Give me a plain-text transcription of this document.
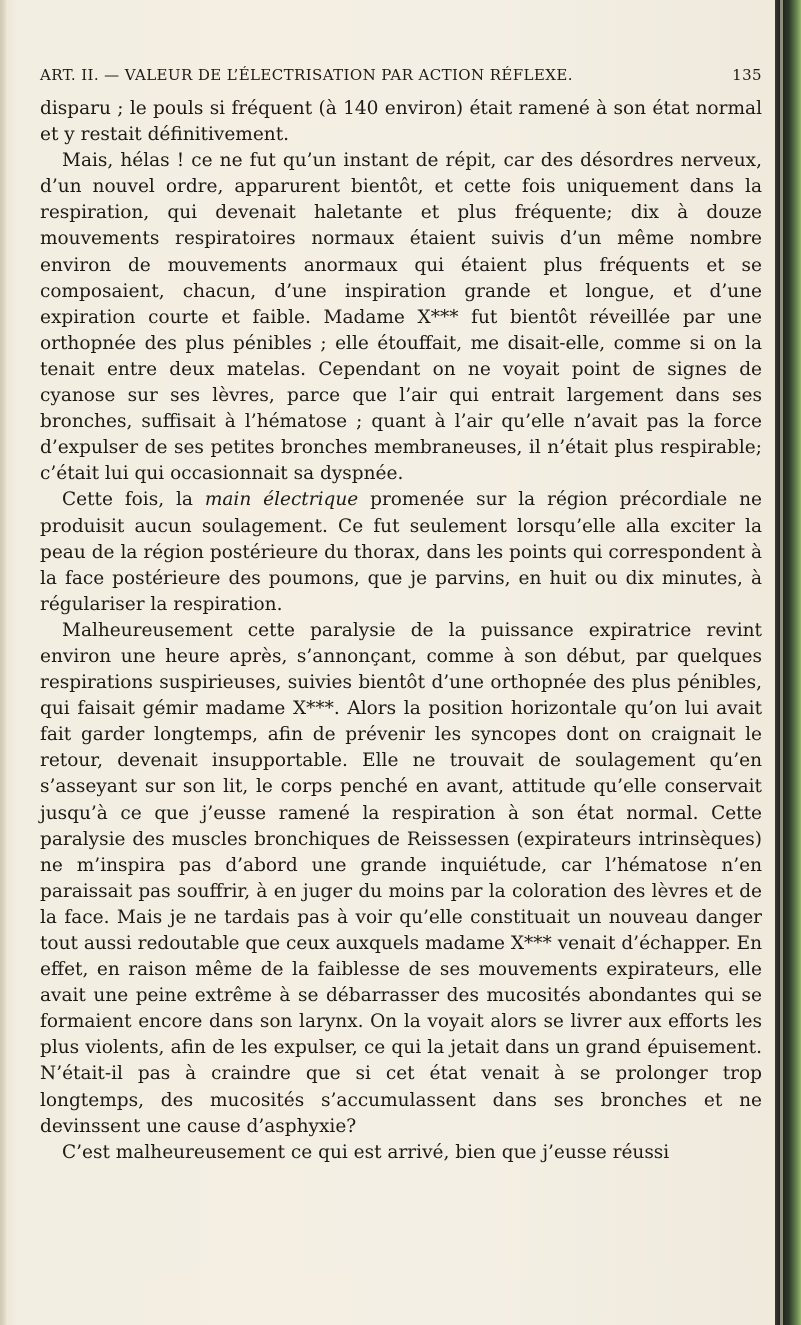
ART. II. — VALEUR DE L’ÉLECTRISATION PAR ACTION RÉFLEXE.	135

disparu ; le pouls si fréquent (à 140 environ) était ramené à son état normal et y restait définitivement.

Mais, hélas ! ce ne fut qu’un instant de répit, car des désordres nerveux, d’un nouvel ordre, apparurent bientôt, et cette fois uniquement dans la respiration, qui devenait haletante et plus fréquente; dix à douze mouvements respiratoires normaux étaient suivis d’un même nombre environ de mouvements anormaux qui étaient plus fréquents et se composaient, chacun, d’une inspiration grande et longue, et d’une expiration courte et faible. Madame X*** fut bientôt réveillée par une orthopnée des plus pénibles ; elle étouffait, me disait-elle, comme si on la tenait entre deux matelas. Cependant on ne voyait point de signes de cyanose sur ses lèvres, parce que l’air qui entrait largement dans ses bronches, suffisait à l’hématose ; quant à l’air qu’elle n’avait pas la force d’expulser de ses petites bronches membraneuses, il n’était plus respirable; c’était lui qui occasionnait sa dyspnée.

Cette fois, la main électrique promenée sur la région précordiale ne produisit aucun soulagement. Ce fut seulement lorsqu’elle alla exciter la peau de la région postérieure du thorax, dans les points qui correspondent à la face postérieure des poumons, que je parvins, en huit ou dix minutes, à régulariser la respiration.

Malheureusement cette paralysie de la puissance expiratrice revint environ une heure après, s’annonçant, comme à son début, par quelques respirations suspirieuses, suivies bientôt d’une orthopnée des plus pénibles, qui faisait gémir madame X***. Alors la position horizontale qu’on lui avait fait garder longtemps, afin de prévenir les syncopes dont on craignait le retour, devenait insupportable. Elle ne trouvait de soulagement qu’en s’asseyant sur son lit, le corps penché en avant, attitude qu’elle conservait jusqu’à ce que j’eusse ramené la respiration à son état normal. Cette paralysie des muscles bronchiques de Reissessen (expirateurs intrinsèques) ne m’inspira pas d’abord une grande inquiétude, car l’hématose n’en paraissait pas souffrir, à en juger du moins par la coloration des lèvres et de la face. Mais je ne tardais pas à voir qu’elle constituait un nouveau danger tout aussi redoutable que ceux auxquels madame X*** venait d’échapper. En effet, en raison même de la faiblesse de ses mouvements expirateurs, elle avait une peine extrême à se débarrasser des mucosités abondantes qui se formaient encore dans son larynx. On la voyait alors se livrer aux efforts les plus violents, afin de les expulser, ce qui la jetait dans un grand épuisement. N’était-il pas à craindre que si cet état venait à se prolonger trop longtemps, des mucosités s’accumulassent dans ses bronches et ne devinssent une cause d’asphyxie?

C’est malheureusement ce qui est arrivé, bien que j’eusse réussi
